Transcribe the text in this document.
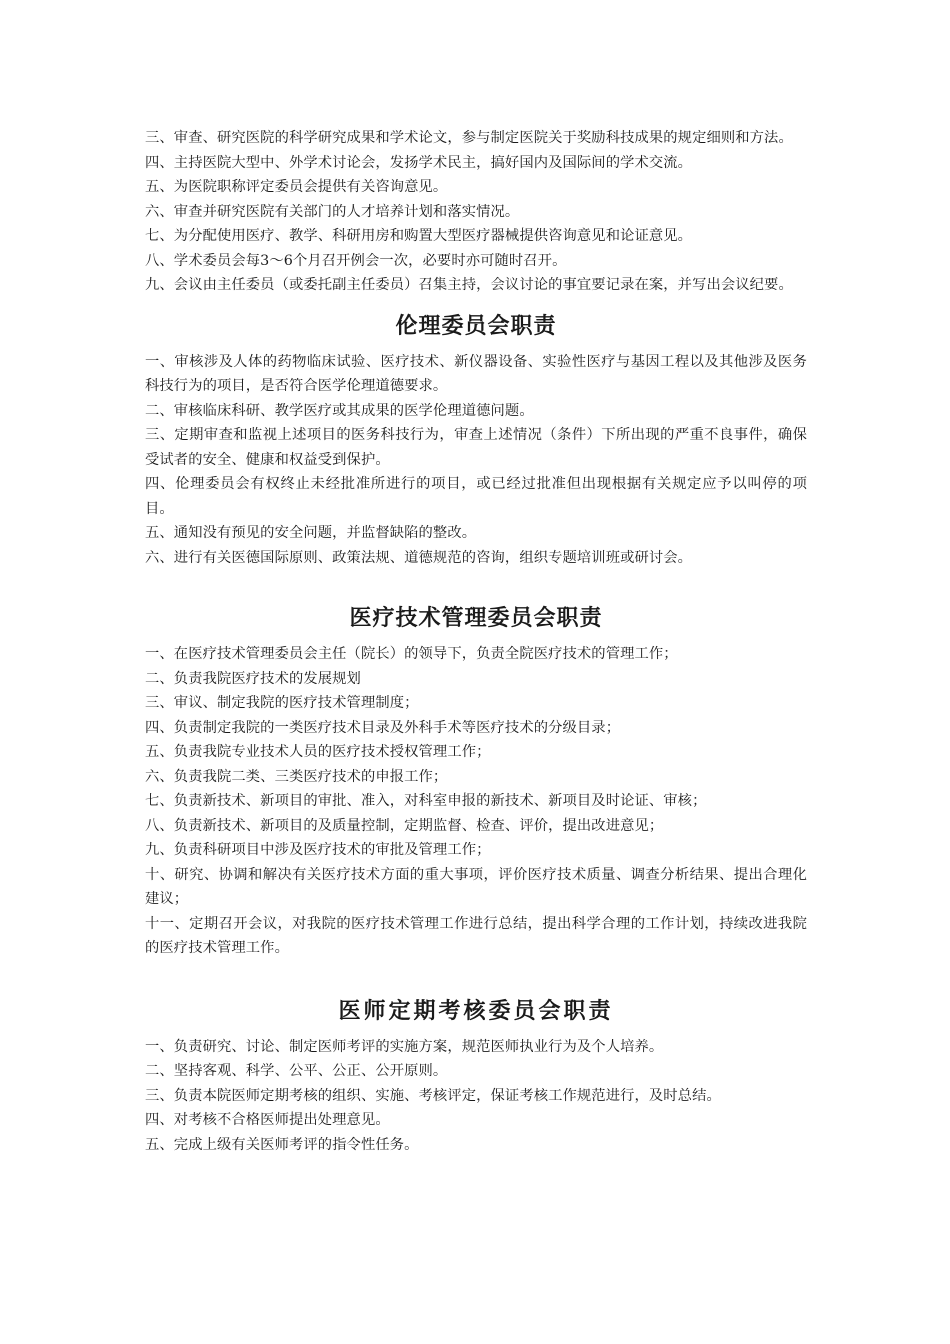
三、审查、研究医院的科学研究成果和学术论文，参与制定医院关于奖励科技成果的规定细则和方法。

四、主持医院大型中、外学术讨论会，发扬学术民主，搞好国内及国际间的学术交流。

五、为医院职称评定委员会提供有关咨询意见。

六、审查并研究医院有关部门的人才培养计划和落实情况。

七、为分配使用医疗、教学、科研用房和购置大型医疗器械提供咨询意见和论证意见。

八、学术委员会每3～6个月召开例会一次，必要时亦可随时召开。

九、会议由主任委员（或委托副主任委员）召集主持，会议讨论的事宜要记录在案，并写出会议纪要。

伦理委员会职责

一、审核涉及人体的药物临床试验、医疗技术、新仪器设备、实验性医疗与基因工程以及其他涉及医务科技行为的项目，是否符合医学伦理道德要求。

二、审核临床科研、教学医疗或其成果的医学伦理道德问题。

三、定期审查和监视上述项目的医务科技行为，审查上述情况（条件）下所出现的严重不良事件，确保受试者的安全、健康和权益受到保护。

四、伦理委员会有权终止未经批准所进行的项目，或已经过批准但出现根据有关规定应予以叫停的项目。

五、通知没有预见的安全问题，并监督缺陷的整改。

六、进行有关医德国际原则、政策法规、道德规范的咨询，组织专题培训班或研讨会。

医疗技术管理委员会职责

一、在医疗技术管理委员会主任（院长）的领导下，负责全院医疗技术的管理工作；

二、负责我院医疗技术的发展规划

三、审议、制定我院的医疗技术管理制度；

四、负责制定我院的一类医疗技术目录及外科手术等医疗技术的分级目录；

五、负责我院专业技术人员的医疗技术授权管理工作；

六、负责我院二类、三类医疗技术的申报工作；

七、负责新技术、新项目的审批、准入，对科室申报的新技术、新项目及时论证、审核；

八、负责新技术、新项目的及质量控制，定期监督、检查、评价，提出改进意见；

九、负责科研项目中涉及医疗技术的审批及管理工作；

十、研究、协调和解决有关医疗技术方面的重大事项，评价医疗技术质量、调查分析结果、提出合理化建议；

十一、定期召开会议，对我院的医疗技术管理工作进行总结，提出科学合理的工作计划，持续改进我院的医疗技术管理工作。

医师定期考核委员会职责

一、负责研究、讨论、制定医师考评的实施方案，规范医师执业行为及个人培养。

二、坚持客观、科学、公平、公正、公开原则。

三、负责本院医师定期考核的组织、实施、考核评定，保证考核工作规范进行，及时总结。

四、对考核不合格医师提出处理意见。

五、完成上级有关医师考评的指令性任务。
